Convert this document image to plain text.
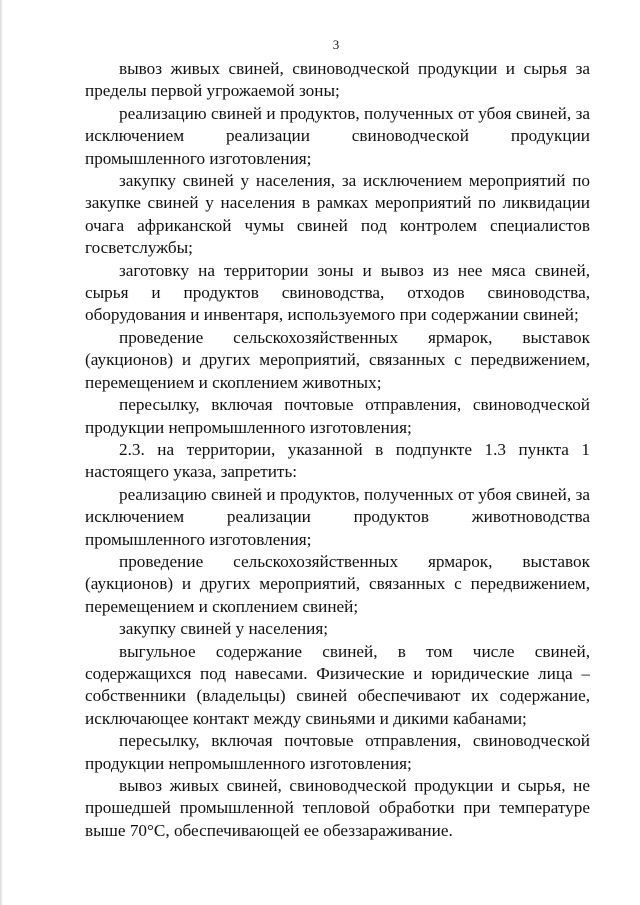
3

вывоз живых свиней, свиноводческой продукции и сырья за пределы первой угрожаемой зоны;

реализацию свиней и продуктов, полученных от убоя свиней, за исключением реализации свиноводческой продукции промышленного изготовления;

закупку свиней у населения, за исключением мероприятий по закупке свиней у населения в рамках мероприятий по ликвидации очага африканской чумы свиней под контролем специалистов госветслужбы;

заготовку на территории зоны и вывоз из нее мяса свиней, сырья и продуктов свиноводства, отходов свиноводства, оборудования и инвентаря, используемого при содержании свиней;

проведение сельскохозяйственных ярмарок, выставок (аукционов) и других мероприятий, связанных с передвижением, перемещением и скоплением животных;

пересылку, включая почтовые отправления, свиноводческой продукции непромышленного изготовления;

2.3. на территории, указанной в подпункте 1.3 пункта 1 настоящего указа, запретить:

реализацию свиней и продуктов, полученных от убоя свиней, за исключением реализации продуктов животноводства промышленного изготовления;

проведение сельскохозяйственных ярмарок, выставок (аукционов) и других мероприятий, связанных с передвижением, перемещением и скоплением свиней;

закупку свиней у населения;

выгульное содержание свиней, в том числе свиней, содержащихся под навесами. Физические и юридические лица – собственники (владельцы) свиней обеспечивают их содержание, исключающее контакт между свиньями и дикими кабанами;

пересылку, включая почтовые отправления, свиноводческой продукции непромышленного изготовления;

вывоз живых свиней, свиноводческой продукции и сырья, не прошедшей промышленной тепловой обработки при температуре выше 70°С, обеспечивающей ее обеззараживание.
